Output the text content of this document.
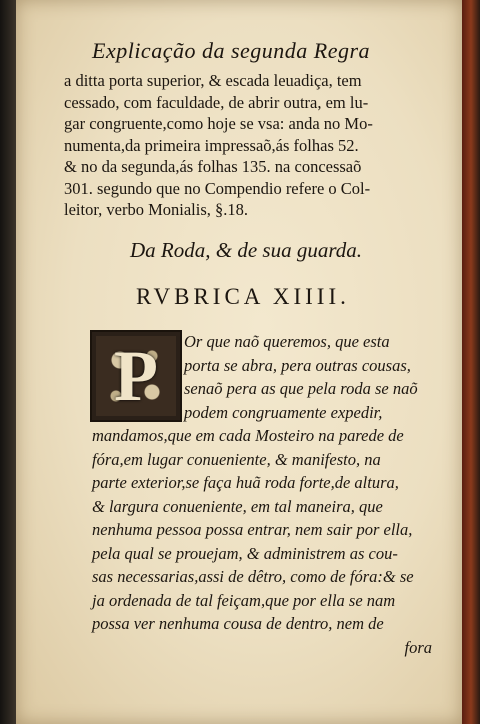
Explicação da segunda Regra
a ditta porta superior, & escada leuadiça, tem
cessado, com faculdade, de abrir outra, em lu-
gar congruente,como hoje se vsa: anda no Mo-
numenta,da primeira impressaõ,ás folhas 52.
& no da segunda,ás folhas 135. na concessaõ
301. segundo que no Compendio refere o Col-
leitor, verbo Monialis, §.18.
Da Roda, & de sua guarda.
RVBRICA XIIII.
P	Or que naõ queremos, que esta
porta se abra, pera outras cousas,
senaõ pera as que pela roda se naõ
podem congruamente expedir,
mandamos,que em cada Mosteiro na parede de
fóra,em lugar conueniente, & manifesto, na
parte exterior,se faça huã roda forte,de altura,
& largura conueniente, em tal maneira, que
nenhuma pessoa possa entrar, nem sair por ella,
pela qual se prouejam, & administrem as cou-
sas necessarias,assi de dêtro, como de fóra:& se
ja ordenada de tal feiçam,que por ella se nam
possa ver nenhuma cousa de dentro, nem de
fora
